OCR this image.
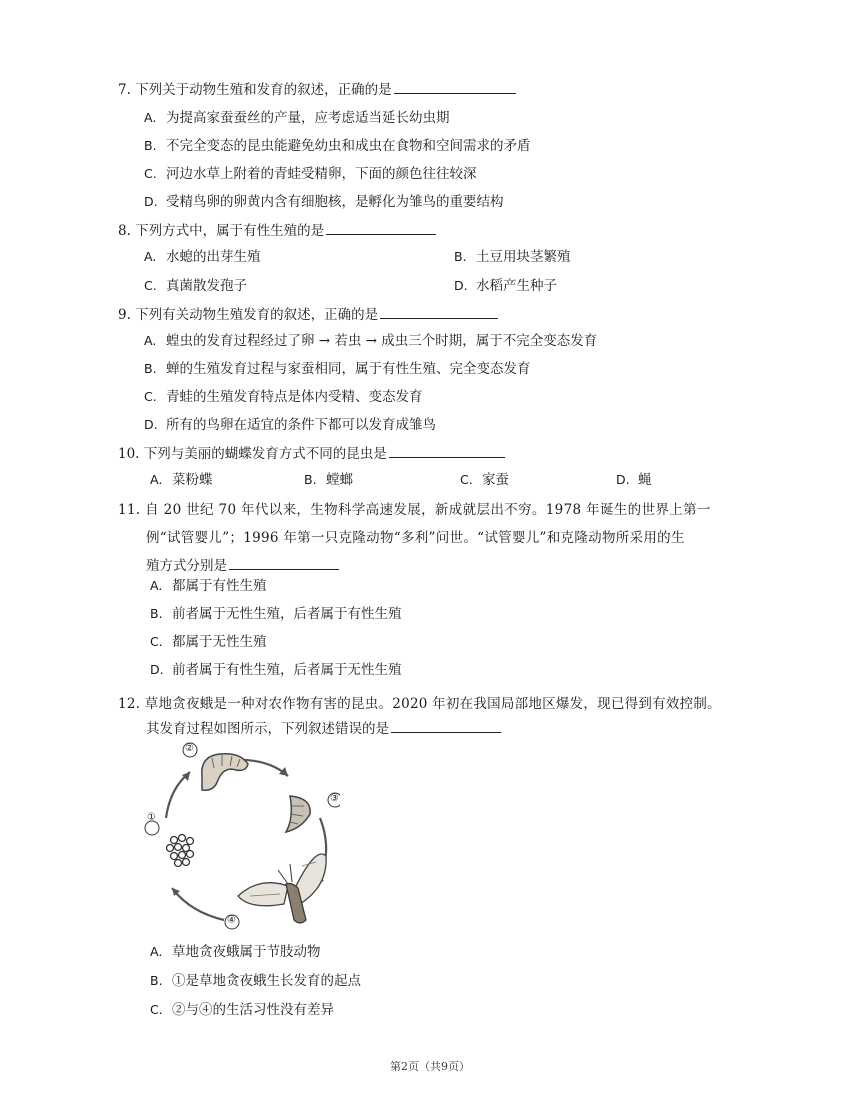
7. 下列关于动物生殖和发育的叙述，正确的是
A. 为提高家蚕蚕丝的产量，应考虑适当延长幼虫期
B. 不完全变态的昆虫能避免幼虫和成虫在食物和空间需求的矛盾
C. 河边水草上附着的青蛙受精卵，下面的颜色往往较深
D. 受精鸟卵的卵黄内含有细胞核，是孵化为雏鸟的重要结构
8. 下列方式中，属于有性生殖的是
A. 水螅的出芽生殖	B. 土豆用块茎繁殖
C. 真菌散发孢子	D. 水稻产生种子
9. 下列有关动物生殖发育的叙述，正确的是
A. 蝗虫的发育过程经过了卵 → 若虫 → 成虫三个时期，属于不完全变态发育
B. 蝉的生殖发育过程与家蚕相同，属于有性生殖、完全变态发育
C. 青蛙的生殖发育特点是体内受精、变态发育
D. 所有的鸟卵在适宜的条件下都可以发育成雏鸟
10. 下列与美丽的蝴蝶发育方式不同的昆虫是
A. 菜粉蝶	B. 螳螂	C. 家蚕	D. 蝇
11. 自 20 世纪 70 年代以来，生物科学高速发展，新成就层出不穷。1978 年诞生的世界上第一
例“试管婴儿”；1996 年第一只克隆动物“多利”问世。“试管婴儿”和克隆动物所采用的生
殖方式分别是
A. 都属于有性生殖
B. 前者属于无性生殖，后者属于有性生殖
C. 都属于无性生殖
D. 前者属于有性生殖，后者属于无性生殖
12. 草地贪夜蛾是一种对农作物有害的昆虫。2020 年初在我国局部地区爆发，现已得到有效控制。
其发育过程如图所示，下列叙述错误的是
①
②
③
④
A. 草地贪夜蛾属于节肢动物
B. ①是草地贪夜蛾生长发育的起点
C. ②与④的生活习性没有差异
第2页（共9页）
